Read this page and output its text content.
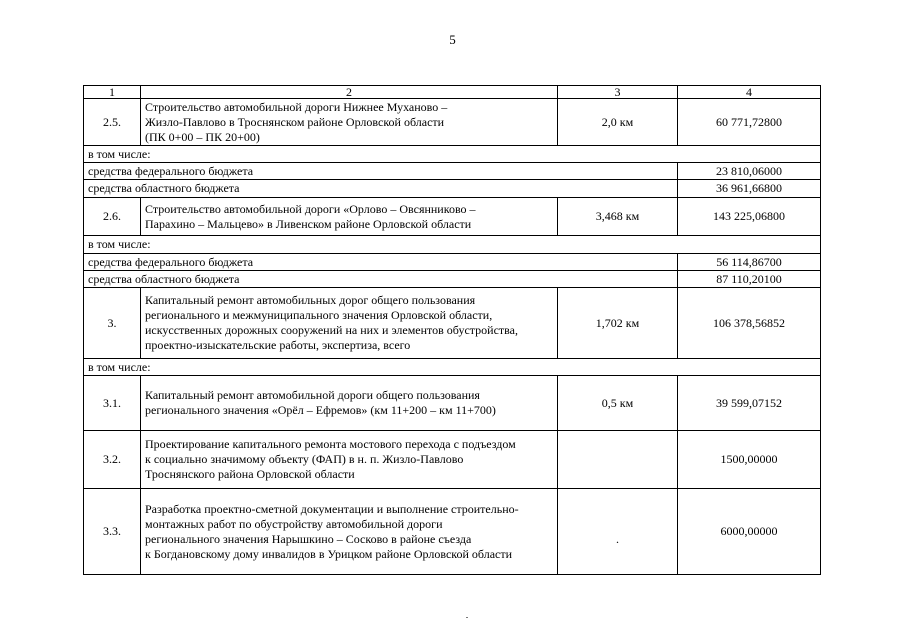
5
1	2	3	4
2.5.	Строительство автомобильной дороги Нижнее Муханово –
Жизло-Павлово в Троснянском районе Орловской области
(ПК 0+00 – ПК 20+00)	2,0 км	60 771,72800
в том числе:			
средства федерального бюджета			23 810,06000
средства областного бюджета			36 961,66800
2.6.	Строительство автомобильной дороги «Орлово – Овсянниково –
Парахино – Мальцево» в Ливенском районе Орловской области	3,468 км	143 225,06800
в том числе:			
средства федерального бюджета			56 114,86700
средства областного бюджета			87 110,20100
3.	Капитальный ремонт автомобильных дорог общего пользования
регионального и межмуниципального значения Орловской области,
искусственных дорожных сооружений на них и элементов обустройства,
проектно-изыскательские работы, экспертиза, всего	1,702 км	106 378,56852
в том числе:			
3.1.	Капитальный ремонт автомобильной дороги общего пользования
регионального значения «Орёл – Ефремов» (км 11+200 – км 11+700)	0,5 км	39 599,07152
3.2.	Проектирование капитального ремонта мостового перехода с подъездом
к социально значимому объекту (ФАП) в н. п. Жизло-Павлово
Троснянского района Орловской области		1500,00000
3.3.	Разработка проектно-сметной документации и выполнение строительно-
монтажных работ по обустройству автомобильной дороги
регионального значения Нарышкино – Сосково в районе съезда
к Богдановскому дому инвалидов в Урицком районе Орловской области	.	6000,00000
